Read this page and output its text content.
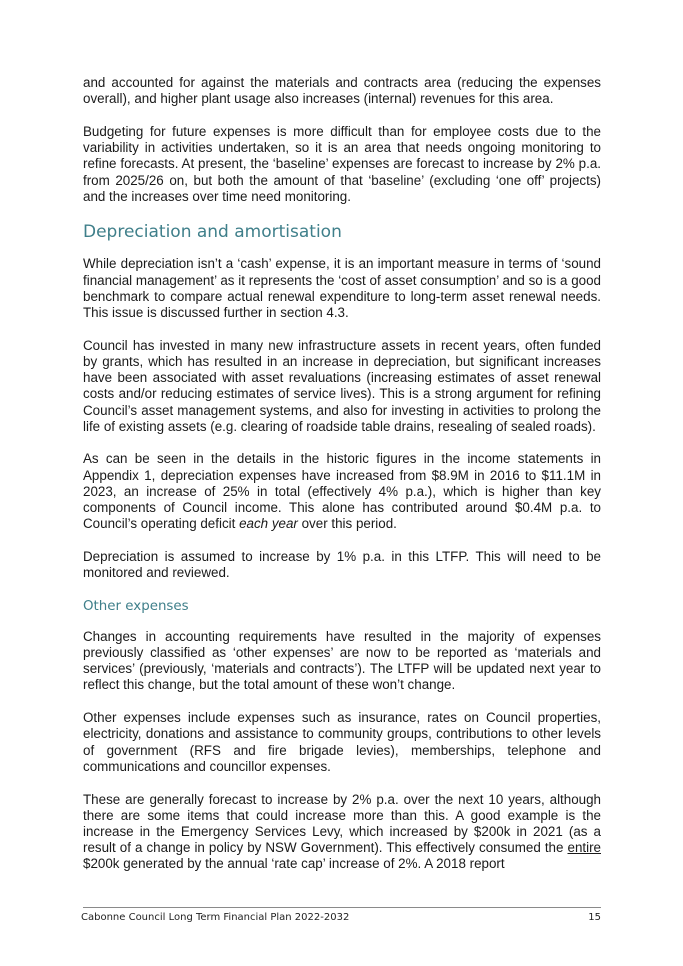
and accounted for against the materials and contracts area (reducing the expenses overall), and higher plant usage also increases (internal) revenues for this area.

Budgeting for future expenses is more difficult than for employee costs due to the variability in activities undertaken, so it is an area that needs ongoing monitoring to refine forecasts. At present, the ‘baseline’ expenses are forecast to increase by 2% p.a. from 2025/26 on, but both the amount of that ‘baseline’ (excluding ‘one off’ projects) and the increases over time need monitoring.

Depreciation and amortisation

While depreciation isn’t a ‘cash’ expense, it is an important measure in terms of ‘sound financial management’ as it represents the ‘cost of asset consumption’ and so is a good benchmark to compare actual renewal expenditure to long-term asset renewal needs. This issue is discussed further in section 4.3.

Council has invested in many new infrastructure assets in recent years, often funded by grants, which has resulted in an increase in depreciation, but significant increases have been associated with asset revaluations (increasing estimates of asset renewal costs and/or reducing estimates of service lives). This is a strong argument for refining Council’s asset management systems, and also for investing in activities to prolong the life of existing assets (e.g. clearing of roadside table drains, resealing of sealed roads).

As can be seen in the details in the historic figures in the income statements in Appendix 1, depreciation expenses have increased from $8.9M in 2016 to $11.1M in 2023, an increase of 25% in total (effectively 4% p.a.), which is higher than key components of Council income. This alone has contributed around $0.4M p.a. to Council’s operating deficit each year over this period.

Depreciation is assumed to increase by 1% p.a. in this LTFP. This will need to be monitored and reviewed.

Other expenses

Changes in accounting requirements have resulted in the majority of expenses previously classified as ‘other expenses’ are now to be reported as ‘materials and services’ (previously, ‘materials and contracts’). The LTFP will be updated next year to reflect this change, but the total amount of these won’t change.

Other expenses include expenses such as insurance, rates on Council properties, electricity, donations and assistance to community groups, contributions to other levels of government (RFS and fire brigade levies), memberships, telephone and communications and councillor expenses.

These are generally forecast to increase by 2% p.a. over the next 10 years, although there are some items that could increase more than this. A good example is the increase in the Emergency Services Levy, which increased by $200k in 2021 (as a result of a change in policy by NSW Government). This effectively consumed the entire $200k generated by the annual ‘rate cap’ increase of 2%. A 2018 report

Cabonne Council Long Term Financial Plan 2022-2032	15
